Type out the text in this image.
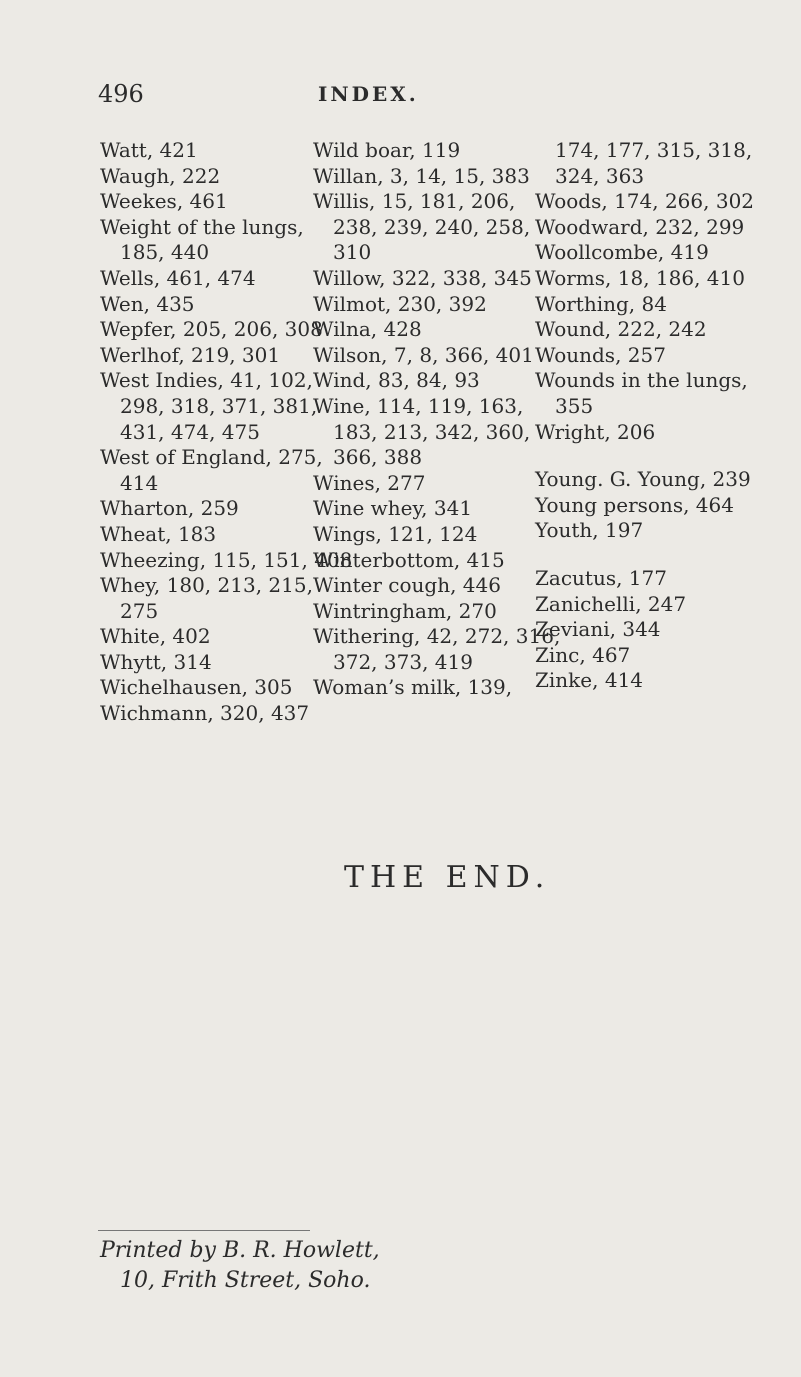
496	INDEX.
Watt, 421
Waugh, 222
Weekes, 461
Weight of the lungs,
185, 440
Wells, 461, 474
Wen, 435
Wepfer, 205, 206, 308
Werlhof, 219, 301
West Indies, 41, 102,
298, 318, 371, 381,
431, 474, 475
West of England, 275,
414
Wharton, 259
Wheat, 183
Wheezing, 115, 151, 408
Whey, 180, 213, 215,
275
White, 402
Whytt, 314
Wichelhausen, 305
Wichmann, 320, 437
Wild boar, 119
Willan, 3, 14, 15, 383
Willis, 15, 181, 206,
238, 239, 240, 258,
310
Willow, 322, 338, 345
Wilmot, 230, 392
Wilna, 428
Wilson, 7, 8, 366, 401
Wind, 83, 84, 93
Wine, 114, 119, 163,
183, 213, 342, 360,
366, 388
Wines, 277
Wine whey, 341
Wings, 121, 124
Winterbottom, 415
Winter cough, 446
Wintringham, 270
Withering, 42, 272, 316,
372, 373, 419
Woman’s milk, 139,
174, 177, 315, 318,
324, 363
Woods, 174, 266, 302
Woodward, 232, 299
Woollcombe, 419
Worms, 18, 186, 410
Worthing, 84
Wound, 222, 242
Wounds, 257
Wounds in the lungs,
355
Wright, 206
Young. G. Young, 239
Young persons, 464
Youth, 197
Zacutus, 177
Zanichelli, 247
Zeviani, 344
Zinc, 467
Zinke, 414
THE END.
Printed by B. R. Howlett,
10, Frith Street, Soho.
